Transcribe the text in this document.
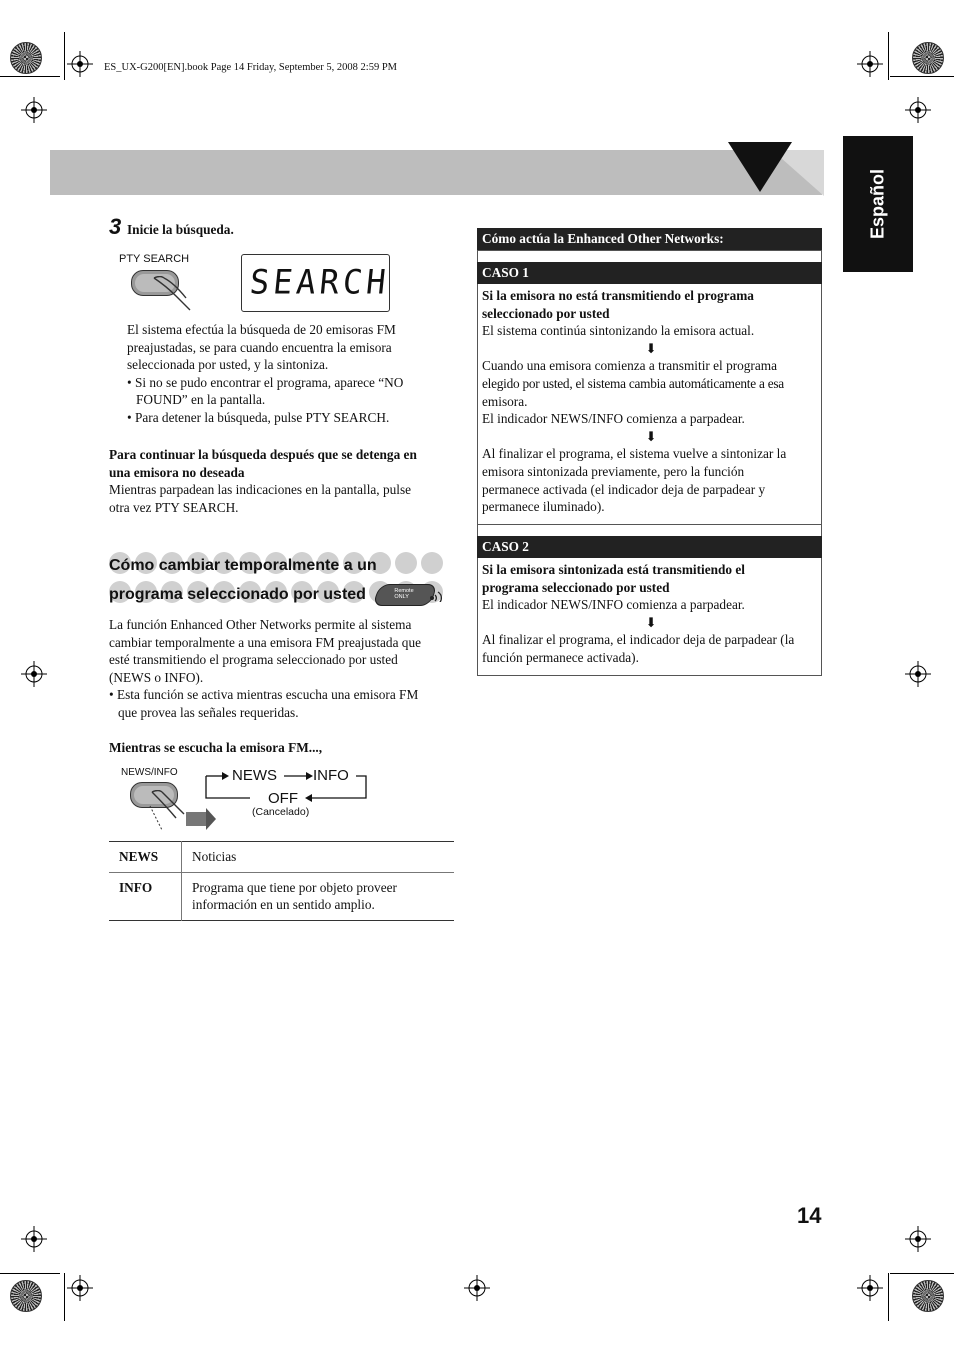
ES_UX-G200[EN].book Page 14 Friday, September 5, 2008 2:59 PM
Español
3 Inicie la búsqueda.
PTY SEARCH
SEARCH
El sistema efectúa la búsqueda de 20 emisoras FM
preajustadas, se para cuando encuentra la emisora
seleccionada por usted, y la sintoniza.
• Si no se pudo encontrar el programa, aparece “NO
FOUND” en la pantalla.
• Para detener la búsqueda, pulse PTY SEARCH.
Para continuar la búsqueda después que se detenga en
una emisora no deseada
Mientras parpadean las indicaciones en la pantalla, pulse
otra vez PTY SEARCH.
Cómo cambiar temporalmente a un
programa seleccionado por usted	Remote ONLY
La función Enhanced Other Networks permite al sistema
cambiar temporalmente a una emisora FM preajustada que
esté transmitiendo el programa seleccionado por usted
(NEWS o INFO).
• Esta función se activa mientras escucha una emisora FM
que provea las señales requeridas.
Mientras se escucha la emisora FM...,
NEWS/INFO	NEWS INFO
OFF
(Cancelado)
NEWS	Noticias

INFO	Programa que tiene por objeto proveer
información en un sentido amplio.
Cómo actúa la Enhanced Other Networks:
CASO 1
Si la emisora no está transmitiendo el programa
seleccionado por usted
El sistema continúa sintonizando la emisora actual.
⬇
Cuando una emisora comienza a transmitir el programa
elegido por usted, el sistema cambia automáticamente a esa
emisora.
El indicador NEWS/INFO comienza a parpadear.
⬇
Al finalizar el programa, el sistema vuelve a sintonizar la
emisora sintonizada previamente, pero la función
permanece activada (el indicador deja de parpadear y
permanece iluminado).
CASO 2
Si la emisora sintonizada está transmitiendo el
programa seleccionado por usted
El indicador NEWS/INFO comienza a parpadear.
⬇
Al finalizar el programa, el indicador deja de parpadear (la
función permanece activada).
14
